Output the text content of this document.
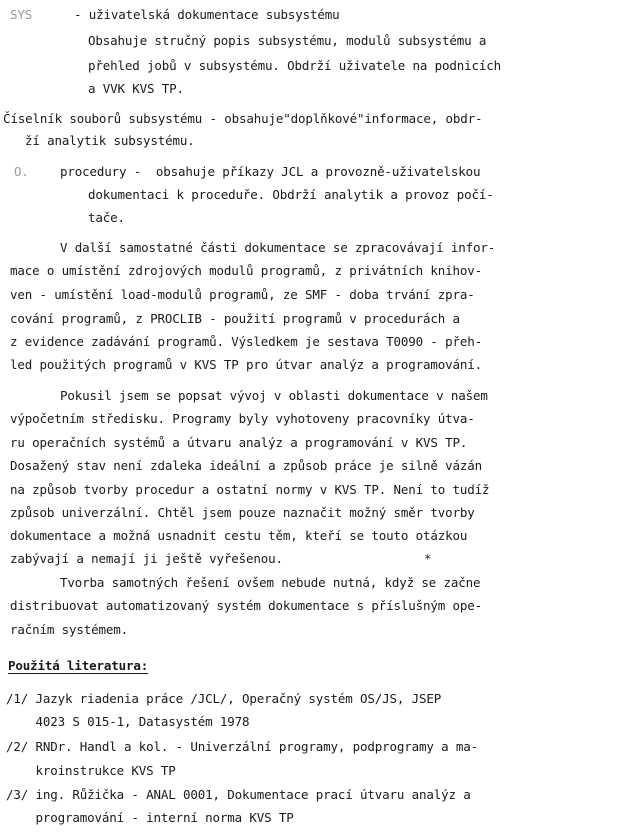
SYS	- uživatelská dokumentace subsystému
Obsahuje stručný popis subsystému, modulů subsystému a
přehled jobů v subsystému. Obdrží uživatele na podnicích
a VVK KVS TP.
Číselník souborů subsystému - obsahuje"doplňkové"informace, obdr-
ží analytik subsystému.
O. procedury -  obsahuje příkazy JCL a provozně-uživatelskou
dokumentaci k proceduře. Obdrží analytik a provoz počí-
tače.
V další samostatné části dokumentace se zpracovávají infor-
mace o umístění zdrojových modulů programů, z privátních knihov-
ven - umístění load-modulů programů, ze SMF - doba trvání zpra-
cování programů, z PROCLIB - použití programů v procedurách a
z evidence zadávání programů. Výsledkem je sestava T0090 - přeh-
led použitých programů v KVS TP pro útvar analýz a programování.
Pokusil jsem se popsat vývoj v oblasti dokumentace v našem
výpočetním středisku. Programy byly vyhotoveny pracovníky útva-
ru operačních systémů a útvaru analýz a programování v KVS TP.
Dosažený stav není zdaleka ideální a způsob práce je silně vázán
na způsob tvorby procedur a ostatní normy v KVS TP. Není to tudíž
způsob univerzální. Chtěl jsem pouze naznačit možný směr tvorby
dokumentace a možná usnadnit cestu těm, kteří se touto otázkou
zabývají a nemají ji ještě vyřešenou.	*
Tvorba samotných řešení ovšem nebude nutná, když se začne
distribuovat automatizovaný systém dokumentace s příslušným ope-
račním systémem.
Použitá literatura:
/1/ Jazyk riadenia práce /JCL/, Operačný systém OS/JS, JSEP
4023 S 015-1, Datasystém 1978
/2/ RNDr. Handl a kol. - Univerzální programy, podprogramy a ma-
kroinstrukce KVS TP
/3/ ing. Růžička - ANAL 0001, Dokumentace prací útvaru analýz a
programování - interní norma KVS TP
